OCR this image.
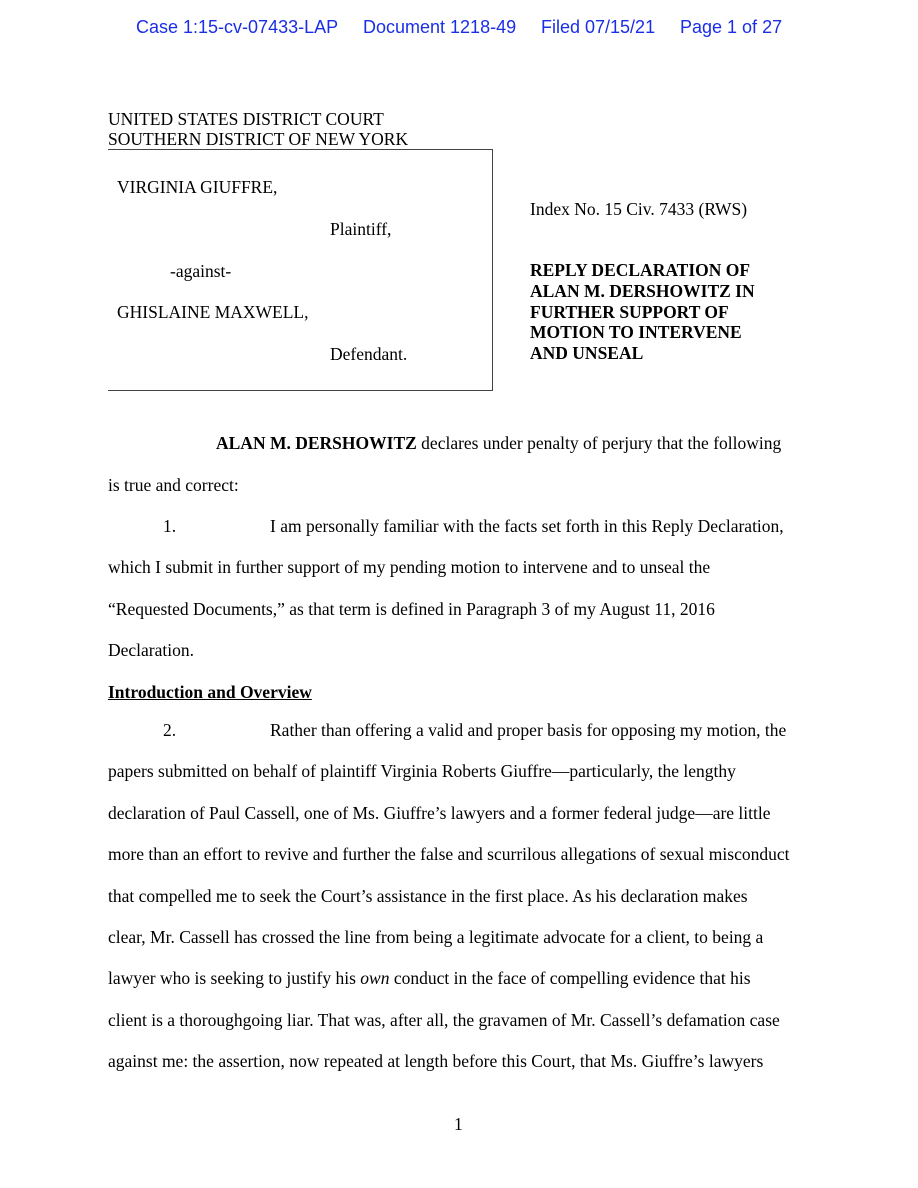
Case 1:15-cv-07433-LAP Document 1218-49 Filed 07/15/21 Page 1 of 27
UNITED STATES DISTRICT COURT
SOUTHERN DISTRICT OF NEW YORK
VIRGINIA GIUFFRE,
Plaintiff,
-against-
GHISLAINE MAXWELL,
Defendant.
Index No. 15 Civ. 7433 (RWS)
REPLY DECLARATION OF
ALAN M. DERSHOWITZ IN
FURTHER SUPPORT OF
MOTION TO INTERVENE
AND UNSEAL
ALAN M. DERSHOWITZ declares under penalty of perjury that the following
is true and correct:
1.	I am personally familiar with the facts set forth in this Reply Declaration,
which I submit in further support of my pending motion to intervene and to unseal the
“Requested Documents,” as that term is defined in Paragraph 3 of my August 11, 2016
Declaration.
Introduction and Overview
2.	Rather than offering a valid and proper basis for opposing my motion, the
papers submitted on behalf of plaintiff Virginia Roberts Giuffre—particularly, the lengthy
declaration of Paul Cassell, one of Ms. Giuffre’s lawyers and a former federal judge—are little
more than an effort to revive and further the false and scurrilous allegations of sexual misconduct
that compelled me to seek the Court’s assistance in the first place. As his declaration makes
clear, Mr. Cassell has crossed the line from being a legitimate advocate for a client, to being a
lawyer who is seeking to justify his own conduct in the face of compelling evidence that his
client is a thoroughgoing liar. That was, after all, the gravamen of Mr. Cassell’s defamation case
against me: the assertion, now repeated at length before this Court, that Ms. Giuffre’s lawyers
1
